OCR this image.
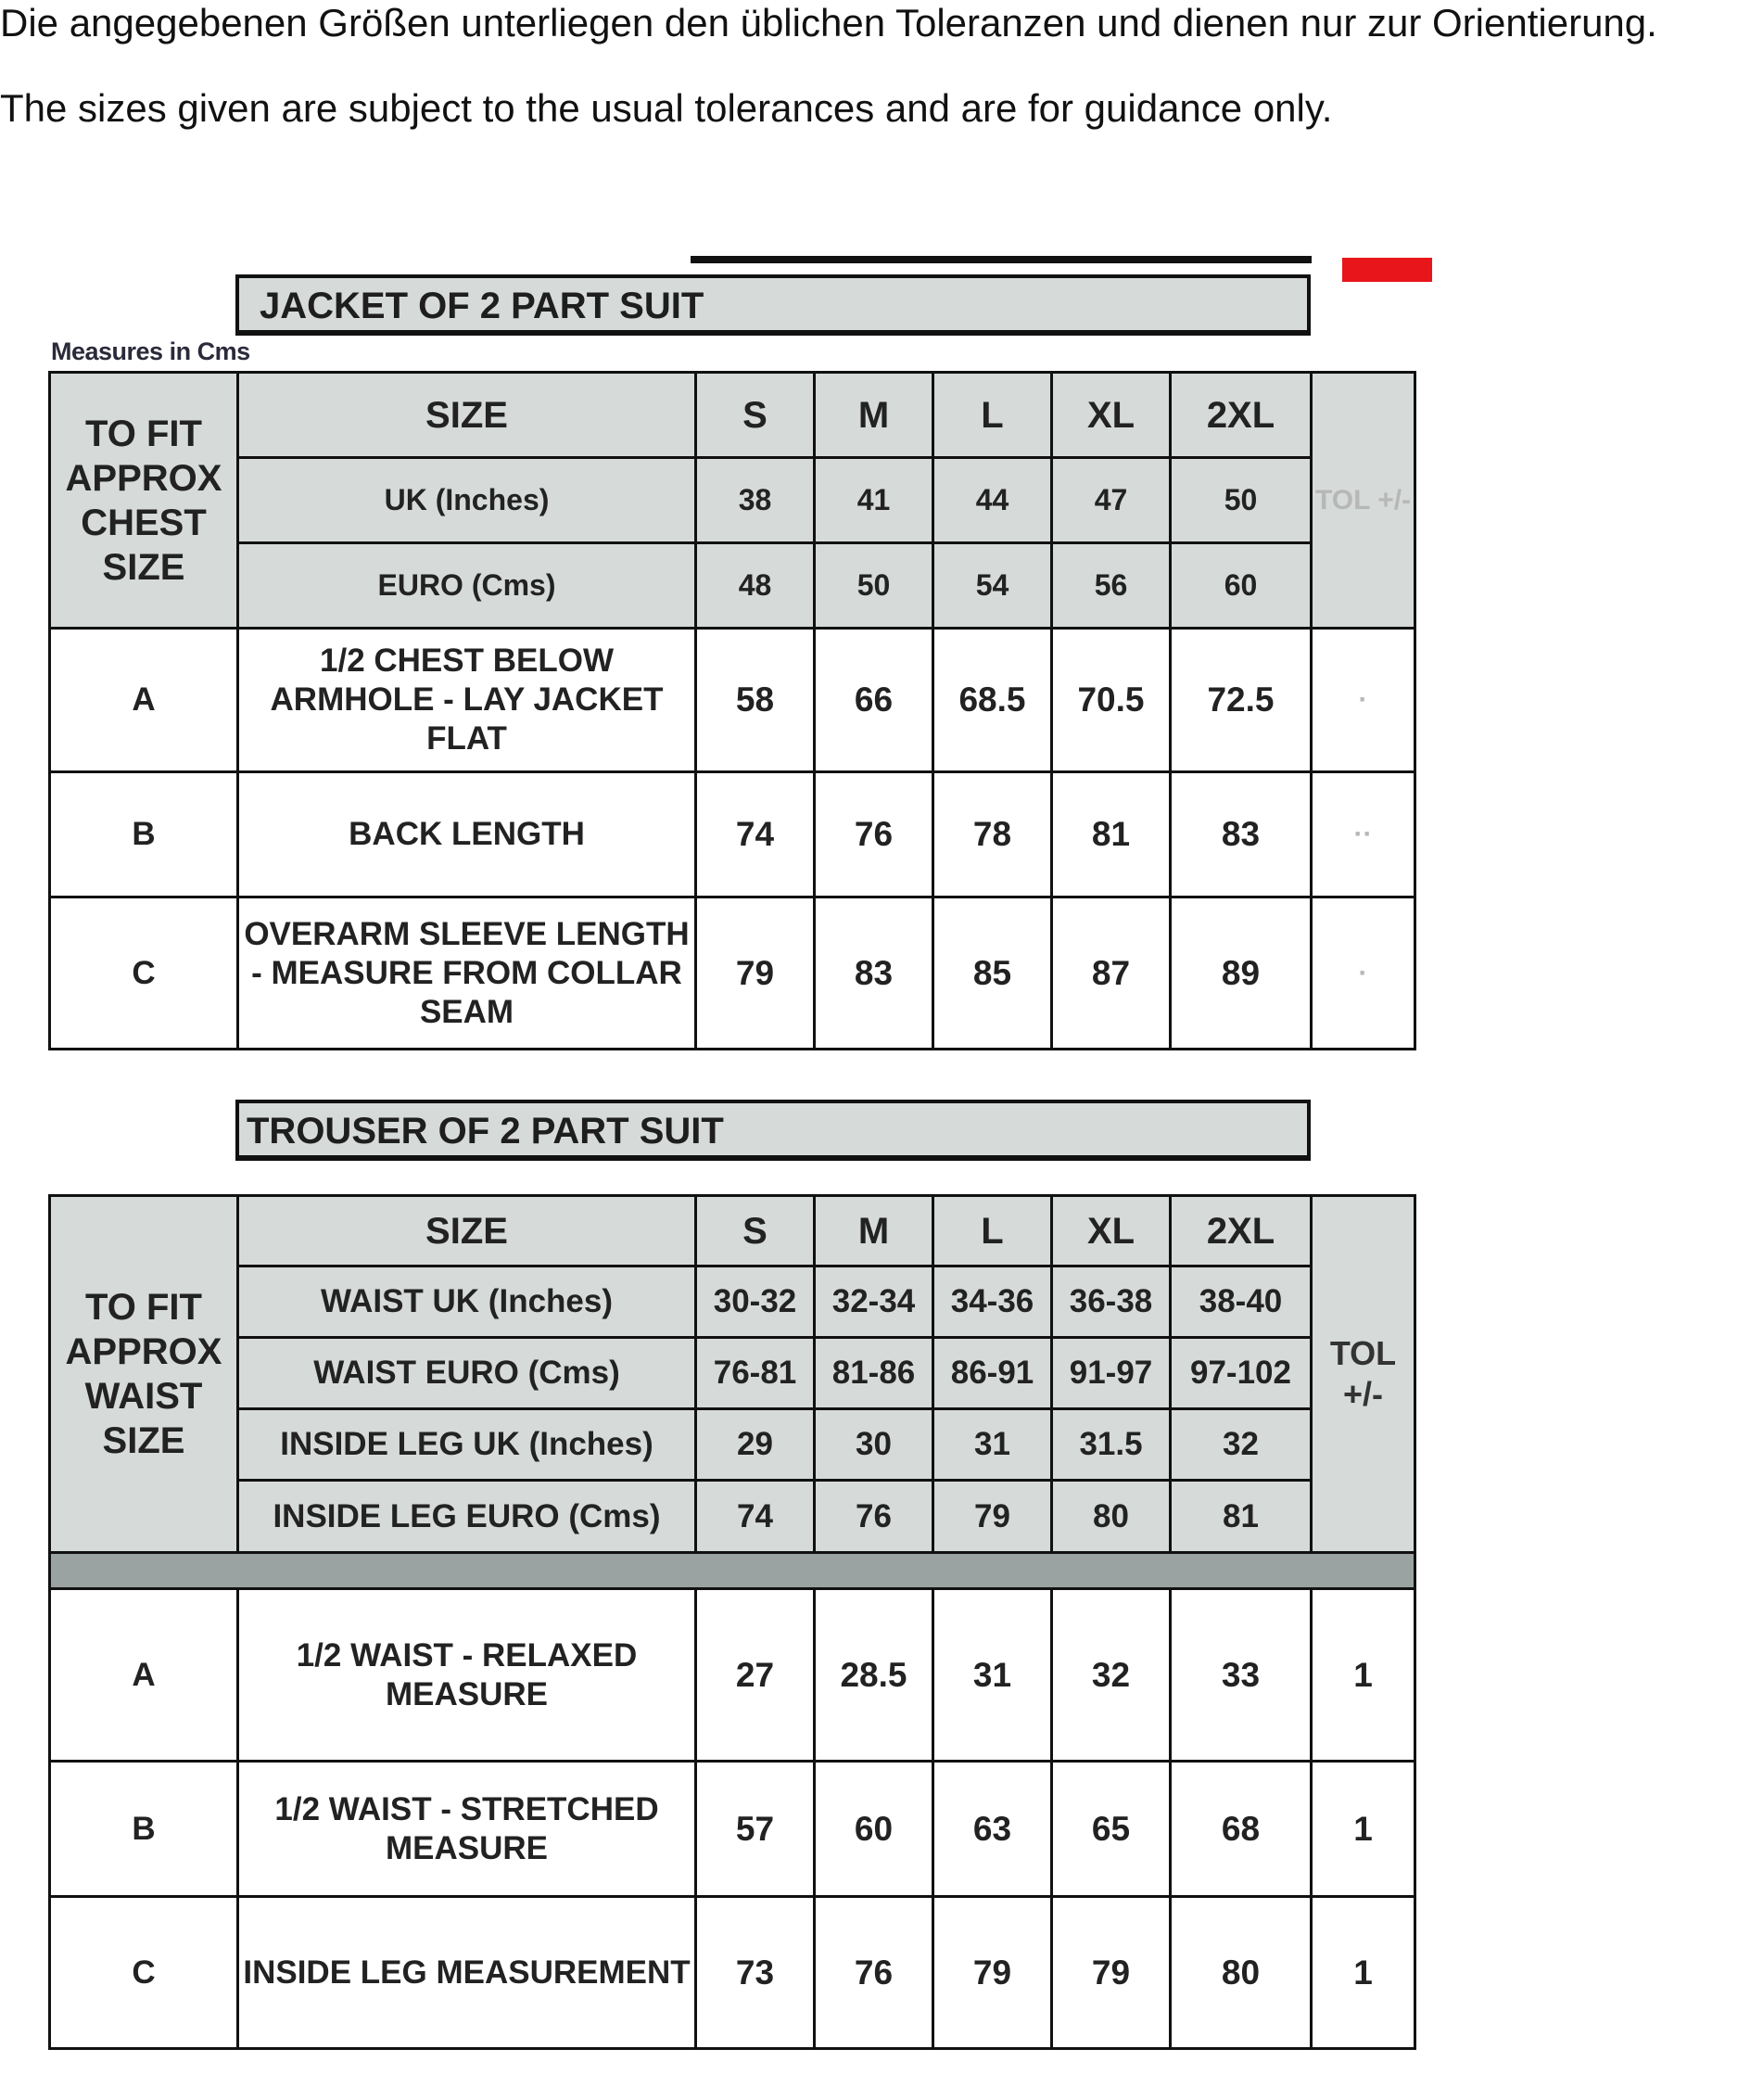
Die angegebenen Größen unterliegen den üblichen Toleranzen und dienen nur zur Orientierung.

The sizes given are subject to the usual tolerances and are for guidance only.

JACKET OF 2 PART SUIT
Measures in Cms
TO FIT APPROX CHEST SIZE	SIZE	S	M	L	XL	2XL	TOL +/-
	UK (Inches)	38	41	44	47	50	
	EURO (Cms)	48	50	54	56	60	
A	1/2 CHEST BELOW ARMHOLE - LAY JACKET FLAT	58	66	68.5	70.5	72.5	·
B	BACK LENGTH	74	76	78	81	83	··
C	OVERARM SLEEVE LENGTH - MEASURE FROM COLLAR SEAM	79	83	85	87	89	·
TROUSER OF 2 PART SUIT
TO FIT APPROX WAIST SIZE	SIZE	S	M	L	XL	2XL	TOL +/-
	WAIST UK (Inches)	30-32	32-34	34-36	36-38	38-40	
	WAIST EURO (Cms)	76-81	81-86	86-91	91-97	97-102	
	INSIDE LEG UK (Inches)	29	30	31	31.5	32	
	INSIDE LEG EURO (Cms)	74	76	79	80	81	

A	1/2 WAIST - RELAXED MEASURE	27	28.5	31	32	33	1
B	1/2 WAIST - STRETCHED MEASURE	57	60	63	65	68	1
C	INSIDE LEG MEASUREMENT	73	76	79	79	80	1
